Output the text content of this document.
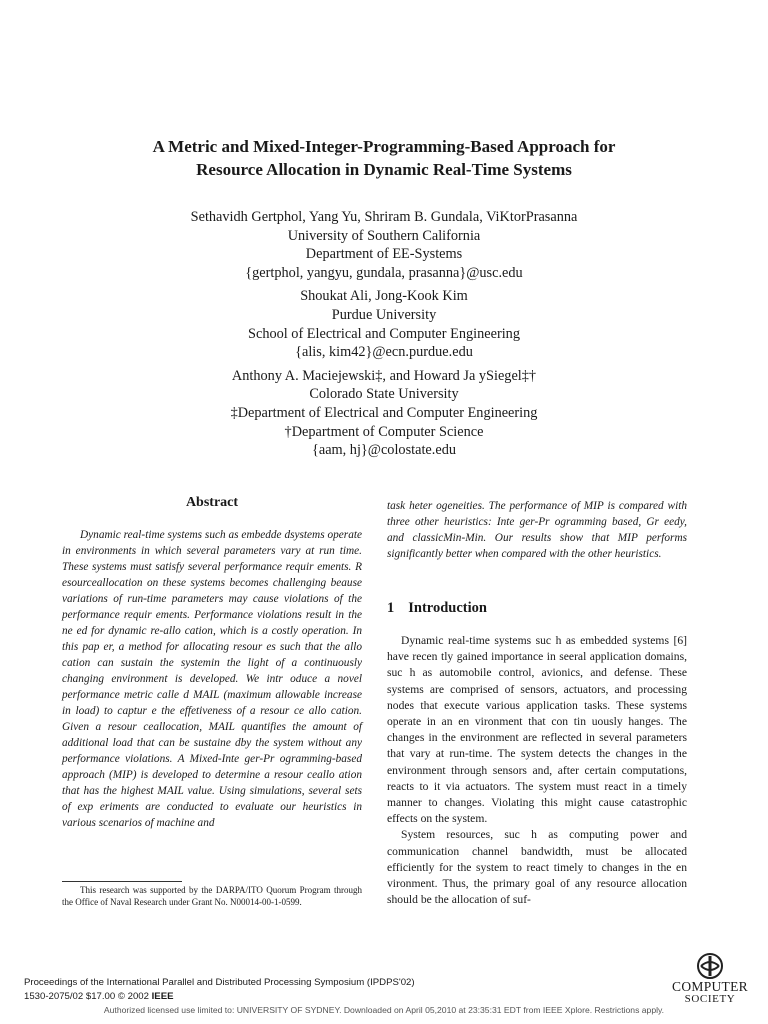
A Metric and Mixed-Integer-Programming-Based Approach for
Resource Allocation in Dynamic Real-Time Systems
Sethavidh Gertphol, Yang Yu, Shriram B. Gundala, ViKtorPrasanna
University of Southern California
Department of EE-Systems
{gertphol, yangyu, gundala, prasanna}@usc.edu
Shoukat Ali, Jong-Kook Kim
Purdue University
School of Electrical and Computer Engineering
{alis, kim42}@ecn.purdue.edu
Anthony A. Maciejewski‡, and Howard Ja ySiegel‡†
Colorado State University
‡Department of Electrical and Computer Engineering
†Department of Computer Science
{aam, hj}@colostate.edu
Abstract

Dynamic real-time systems such as embedde dsystems operate in environments in which several parameters vary at run time. These systems must satisfy several performance requir ements. R esourceallocation on these systems becomes challenging beause variations of run-time parameters may cause violations of the performance requir ements. Performance violations result in the ne ed for dynamic re-allo cation, which is a costly operation. In this pap er, a method for allocating resour es such that the allo cation can sustain the systemin the light of a continuously changing environment is developed. We intr oduce a novel performance metric calle d MAIL (maximum allowable increase in load) to captur e the effetiveness of a resour ce allo cation. Given a resour ceallocation, MAIL quantifies the amount of additional load that can be sustaine dby the system without any performance violations. A Mixed-Inte ger-Pr ogramming-based approach (MIP) is developed to determine a resour ceallo ation that has the highest MAIL value. Using simulations, several sets of exp eriments are conducted to evaluate our heuristics in various scenarios of machine and

This research was supported by the DARPA/ITO Quorum Program through the Office of Naval Research under Grant No. N00014-00-1-0599.

task heter ogeneities. The performance of MIP is compared with three other heuristics: Inte ger-Pr ogramming based, Gr eedy, and classicMin-Min. Our results show that MIP performs significantly better when compared with the other heuristics.

1 Introduction

Dynamic real-time systems suc h as embedded systems [6] have recen tly gained importance in seeral application domains, suc h as automobile control, avionics, and defense. These systems are comprised of sensors, actuators, and processing nodes that execute various application tasks. These systems operate in an en vironment that con tin uously hanges. The changes in the environment are reflected in several parameters that vary at run-time. The system detects the changes in the environment through sensors and, after certain computations, reacts to it via actuators. The system must react in a timely manner to changes. Violating this might cause catastrophic effects on the system.

System resources, suc h as computing power and communication channel bandwidth, must be allocated efficiently for the system to react timely to changes in the en vironment. Thus, the primary goal of any resource allocation should be the allocation of suf-

Proceedings of the International Parallel and Distributed Processing Symposium (IPDPS'02)
1530-2075/02 $17.00 © 2002 IEEE
COMPUTER
SOCIETY
Authorized licensed use limited to: UNIVERSITY OF SYDNEY. Downloaded on April 05,2010 at 23:35:31 EDT from IEEE Xplore. Restrictions apply.
